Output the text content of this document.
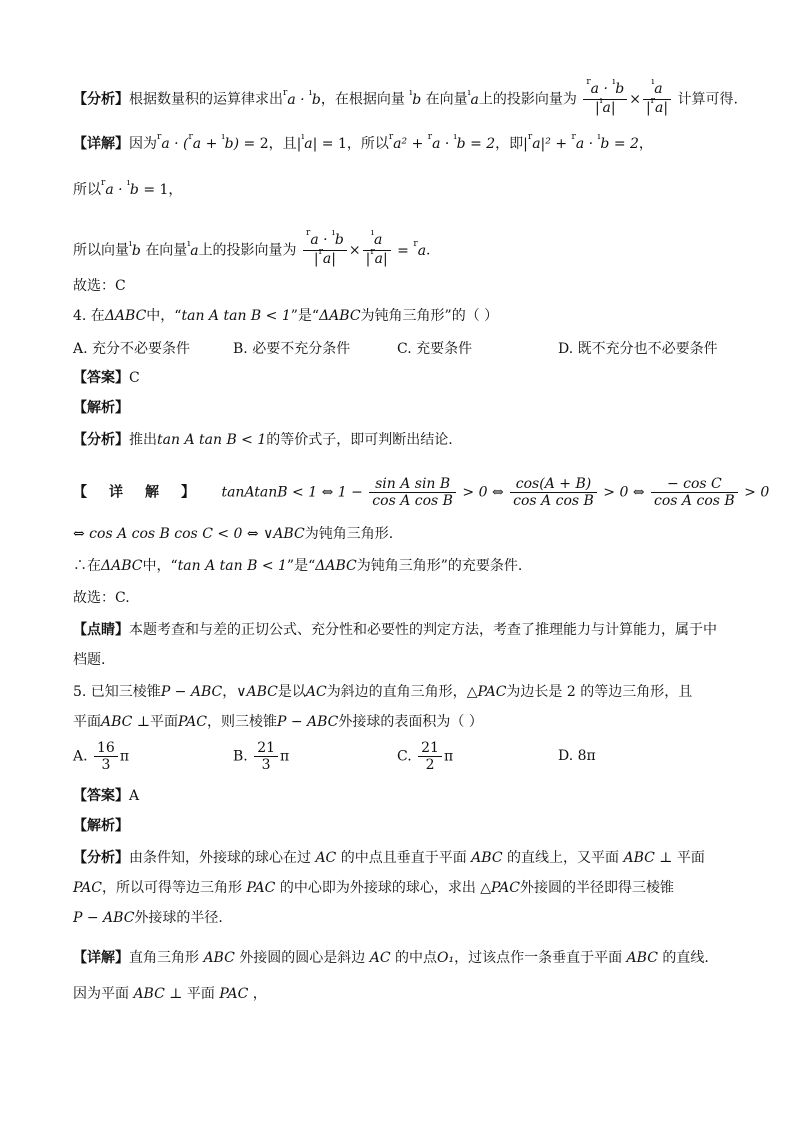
【分析】根据数量积的运算律求出$^r$a · $^ı$b，在根据向量 $^ı$b 在向量$^ı$a上的投影向量为 $\frac{^ra \cdot ^ıb}{|^ıa|} \times \frac{^ıa}{|^ra|}$ 计算可得.
【详解】因为$^r$a · ($^r$a + $^ı$b) = 2，且$|^ıa| = 1$，所以$^r$a² + $^r$a · $^ı$b = 2，即$|^ra|^2 + ^ra \cdot ^ıb = 2$，
所以$^r$a · $^ı$b = 1，
所以向量$^ı$b 在向量$^ı$a上的投影向量为 $\frac{^ra \cdot ^ıb}{|^ra|} \times \frac{^ıa}{|^ra|} = ^ra$.
故选：C
4. 在ΔABC中，“tan A tan B < 1”是“ΔABC为钝角三角形”的（ ）
A. 充分不必要条件	B. 必要不充分条件	C. 充要条件	D. 既不充分也不必要条件
【答案】C
【解析】
【分析】推出tan A tan B < 1的等价式子，即可判断出结论.
【详解】 tanAtanB < 1 ⇔ $1 - \frac{\text{sin A sin B}}{\text{cos A cos B}} > 0$ ⇔ $\frac{\cos(A + B)}{\text{cos A cos B}} > 0$ ⇔ $\frac{\text{− cos C}}{\text{cos A cos B}} > 0$
⇔ cos A cos B cos C < 0 ⇔ ∨ABC为钝角三角形.
∴在ΔABC中，“tan A tan B < 1”是“ΔABC为钝角三角形”的充要条件.
故选：C.
【点睛】本题考查和与差的正切公式、充分性和必要性的判定方法，考查了推理能力与计算能力，属于中
档题.
5. 已知三棱锥P − ABC，∨ABC是以AC为斜边的直角三角形，△PAC为边长是 2 的等边三角形，且
平面ABC ⊥平面PAC，则三棱锥P − ABC外接球的表面积为（ ）
A. $\frac{16}{3}$ π	B. $\frac{21}{3}$ π	C. $\frac{21}{2}$ π	D. 8π
【答案】A
【解析】
【分析】由条件知，外接球的球心在过 AC 的中点且垂直于平面 ABC 的直线上，又平面 ABC ⊥ 平面
PAC，所以可得等边三角形 PAC 的中心即为外接球的球心，求出 △PAC外接圆的半径即得三棱锥
P − ABC外接球的半径.
【详解】直角三角形 ABC 外接圆的圆心是斜边 AC 的中点O₁，过该点作一条垂直于平面 ABC 的直线.
因为平面 ABC ⊥ 平面 PAC ，
